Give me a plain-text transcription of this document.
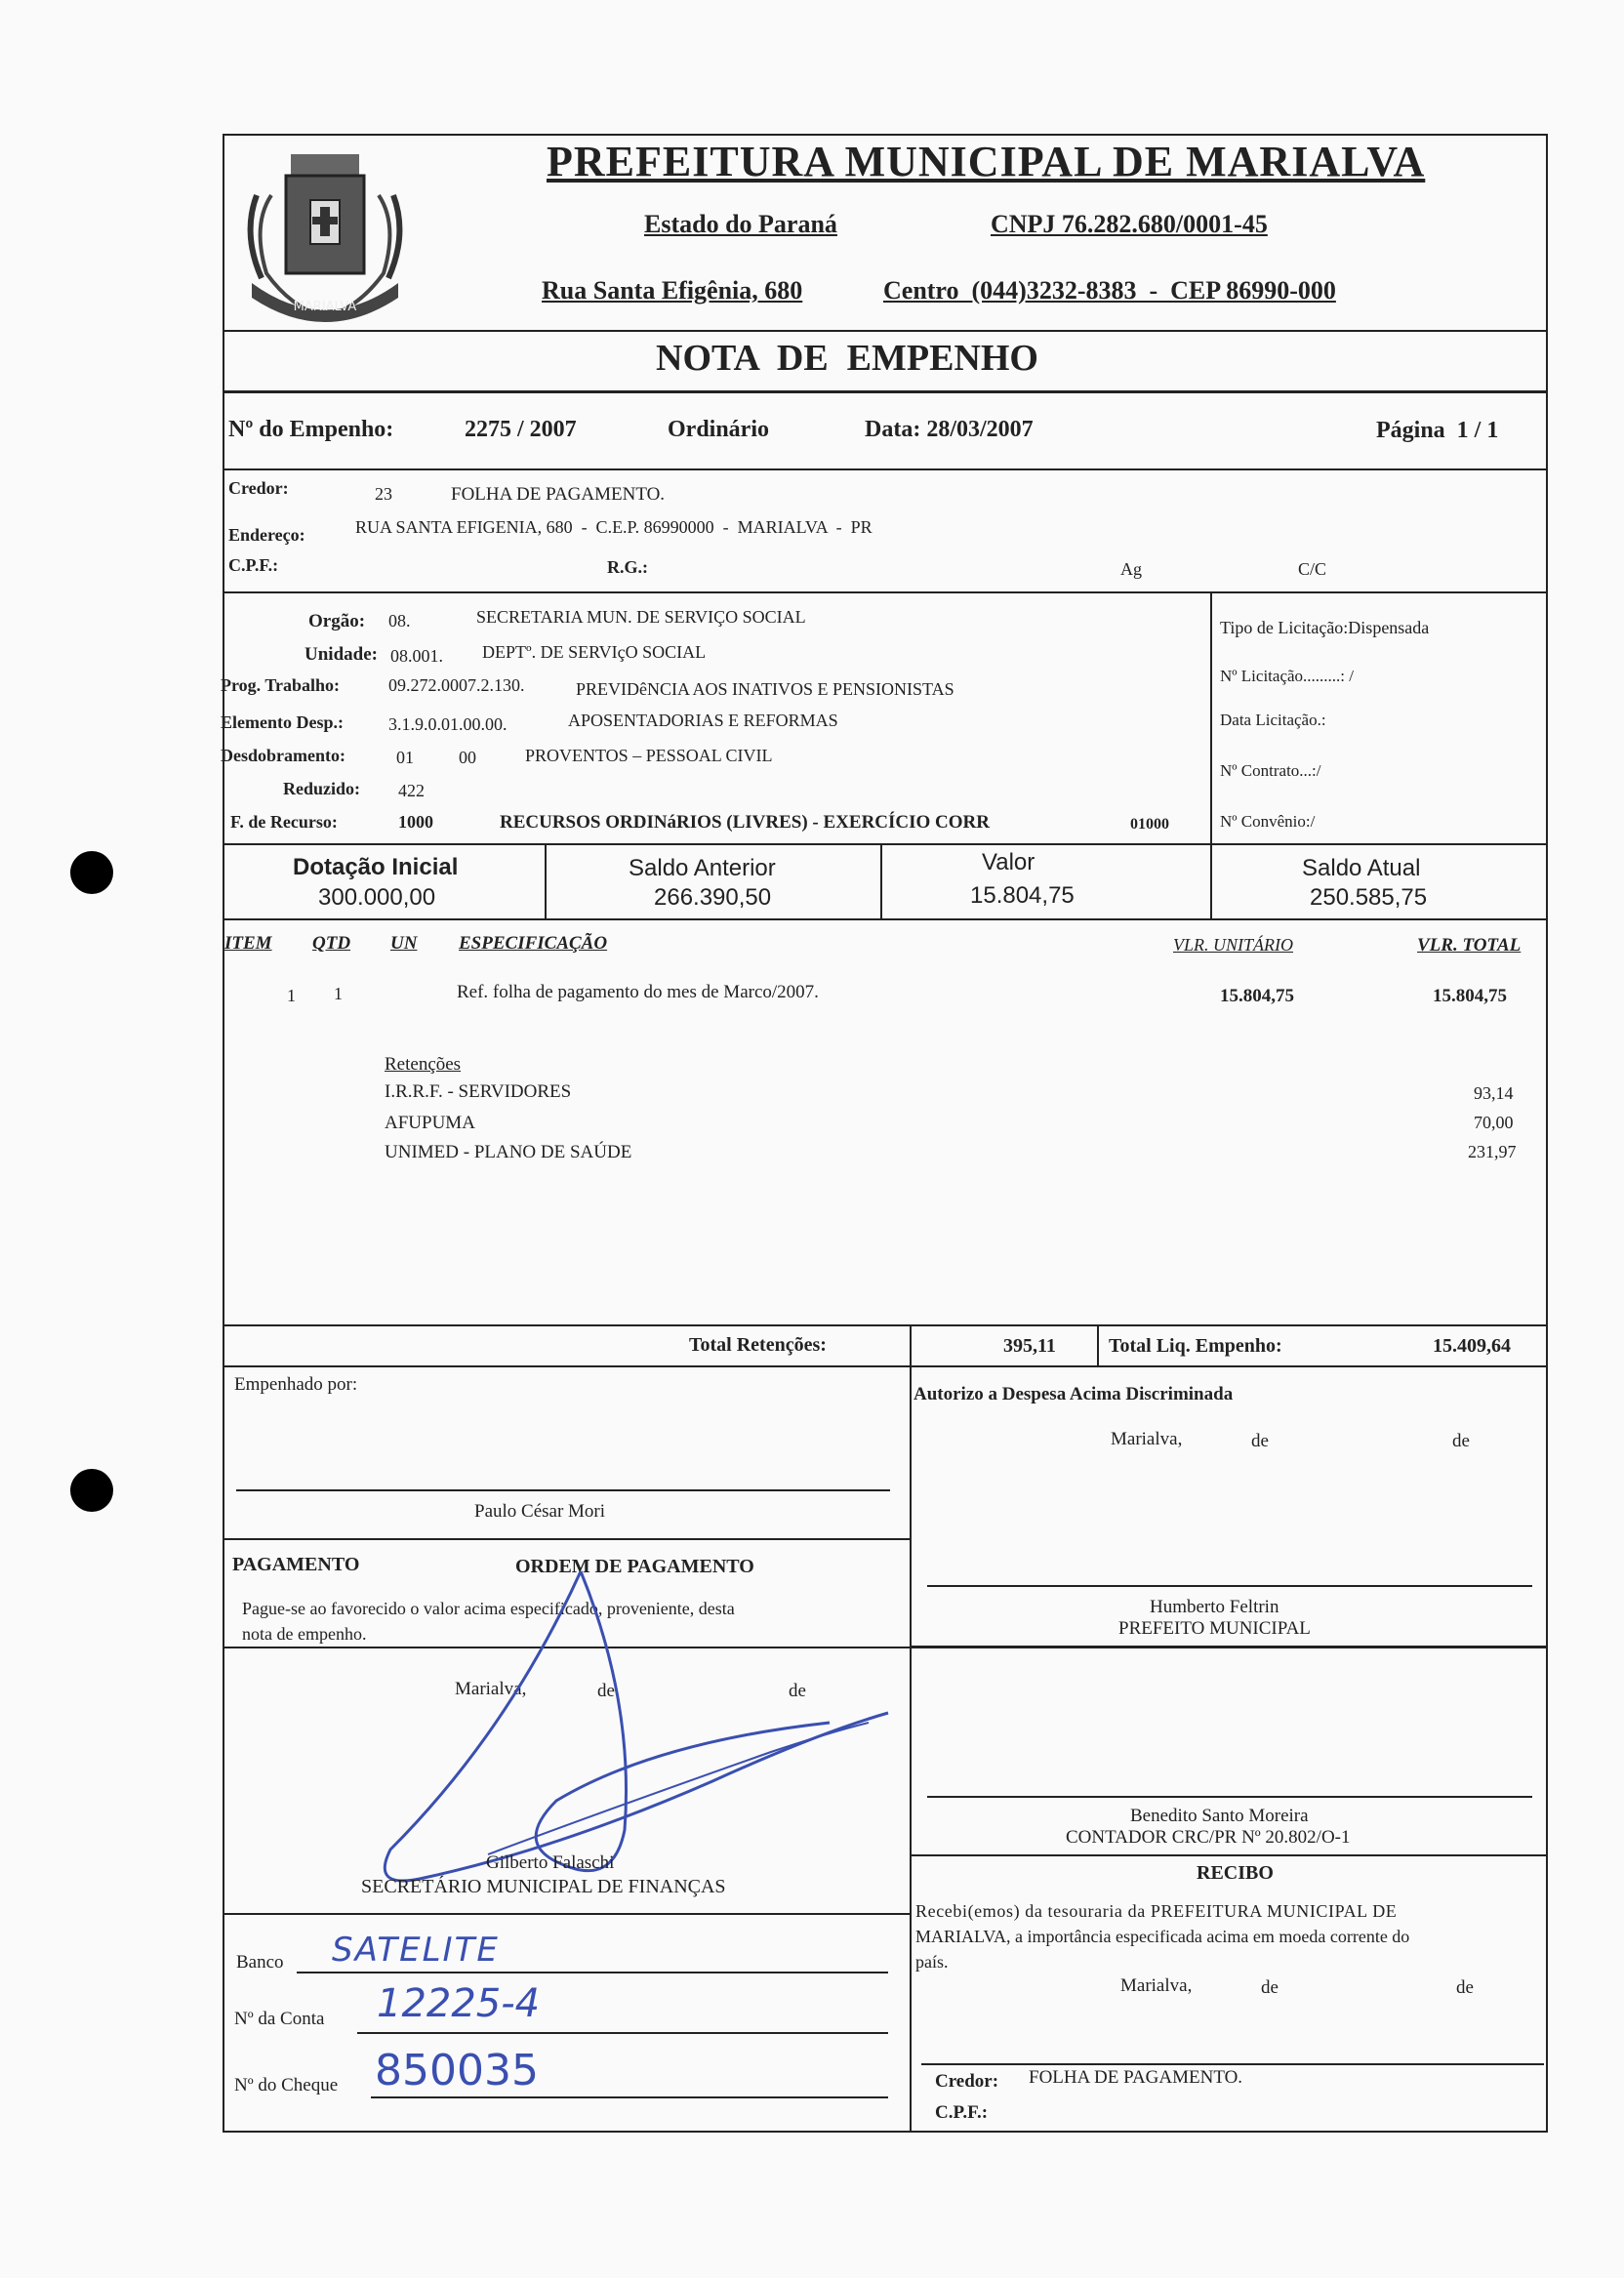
MARIALVA
PREFEITURA MUNICIPAL DE MARIALVA
Estado do Paraná	CNPJ 76.282.680/0001-45
Rua Santa Efigênia, 680	Centro  (044)3232-8383  -  CEP 86990-000
NOTA  DE  EMPENHO
Nº do Empenho:	2275 / 2007	Ordinário	Data: 28/03/2007	Página  1 / 1
Credor:	23	FOLHA DE PAGAMENTO.
Endereço:	RUA SANTA EFIGENIA, 680  -  C.E.P. 86990000  -  MARIALVA  -  PR
C.P.F.:	R.G.:	Ag	C/C
Orgão: 08.	SECRETARIA MUN. DE SERVIÇO SOCIAL
Unidade: 08.001. DEPTº. DE SERVIçO SOCIAL
Prog. Trabalho:	09.272.0007.2.130.	PREVIDêNCIA AOS INATIVOS E PENSIONISTAS
Elemento Desp.:	3.1.9.0.01.00.00.	APOSENTADORIAS E REFORMAS
Desdobramento:	01	00	PROVENTOS – PESSOAL CIVIL
Reduzido: 422
F. de Recurso:	1000	RECURSOS ORDINáRIOS (LIVRES) - EXERCÍCIO CORR	01000
Tipo de Licitação:Dispensada
Nº Licitação.........: /
Data Licitação.:
Nº Contrato...:/
Nº Convênio:/
Dotação Inicial
300.000,00
Saldo Anterior
266.390,50
Valor
15.804,75
Saldo Atual
250.585,75
ITEM QTD UN ESPECIFICAÇÃO	VLR. UNITÁRIO	VLR. TOTAL
1 1	Ref. folha de pagamento do mes de Marco/2007.	15.804,75	15.804,75
Retenções
I.R.R.F. - SERVIDORES	93,14
AFUPUMA	70,00
UNIMED - PLANO DE SAÚDE	231,97
Total Retenções:	395,11	Total Liq. Empenho:	15.409,64
Empenhado por:
Paulo César Mori
Autorizo a Despesa Acima Discriminada
Marialva,	de	de
Humberto Feltrin
PREFEITO MUNICIPAL
PAGAMENTO	ORDEM DE PAGAMENTO
Pague-se ao favorecido o valor acima especificado, proveniente, desta
nota de empenho.
Marialva,	de	de
Gilberto Falaschi
SECRETÁRIO MUNICIPAL DE FINANÇAS
Banco SATELITE
Nº da Conta 12225-4
Nº do Cheque 850035
Benedito Santo Moreira
CONTADOR CRC/PR Nº 20.802/O-1
RECIBO
Recebi(emos) da tesouraria da PREFEITURA MUNICIPAL DE
MARIALVA, a importância especificada acima em moeda corrente do
país.
Marialva,	de	de
Credor: FOLHA DE PAGAMENTO.
C.P.F.:
